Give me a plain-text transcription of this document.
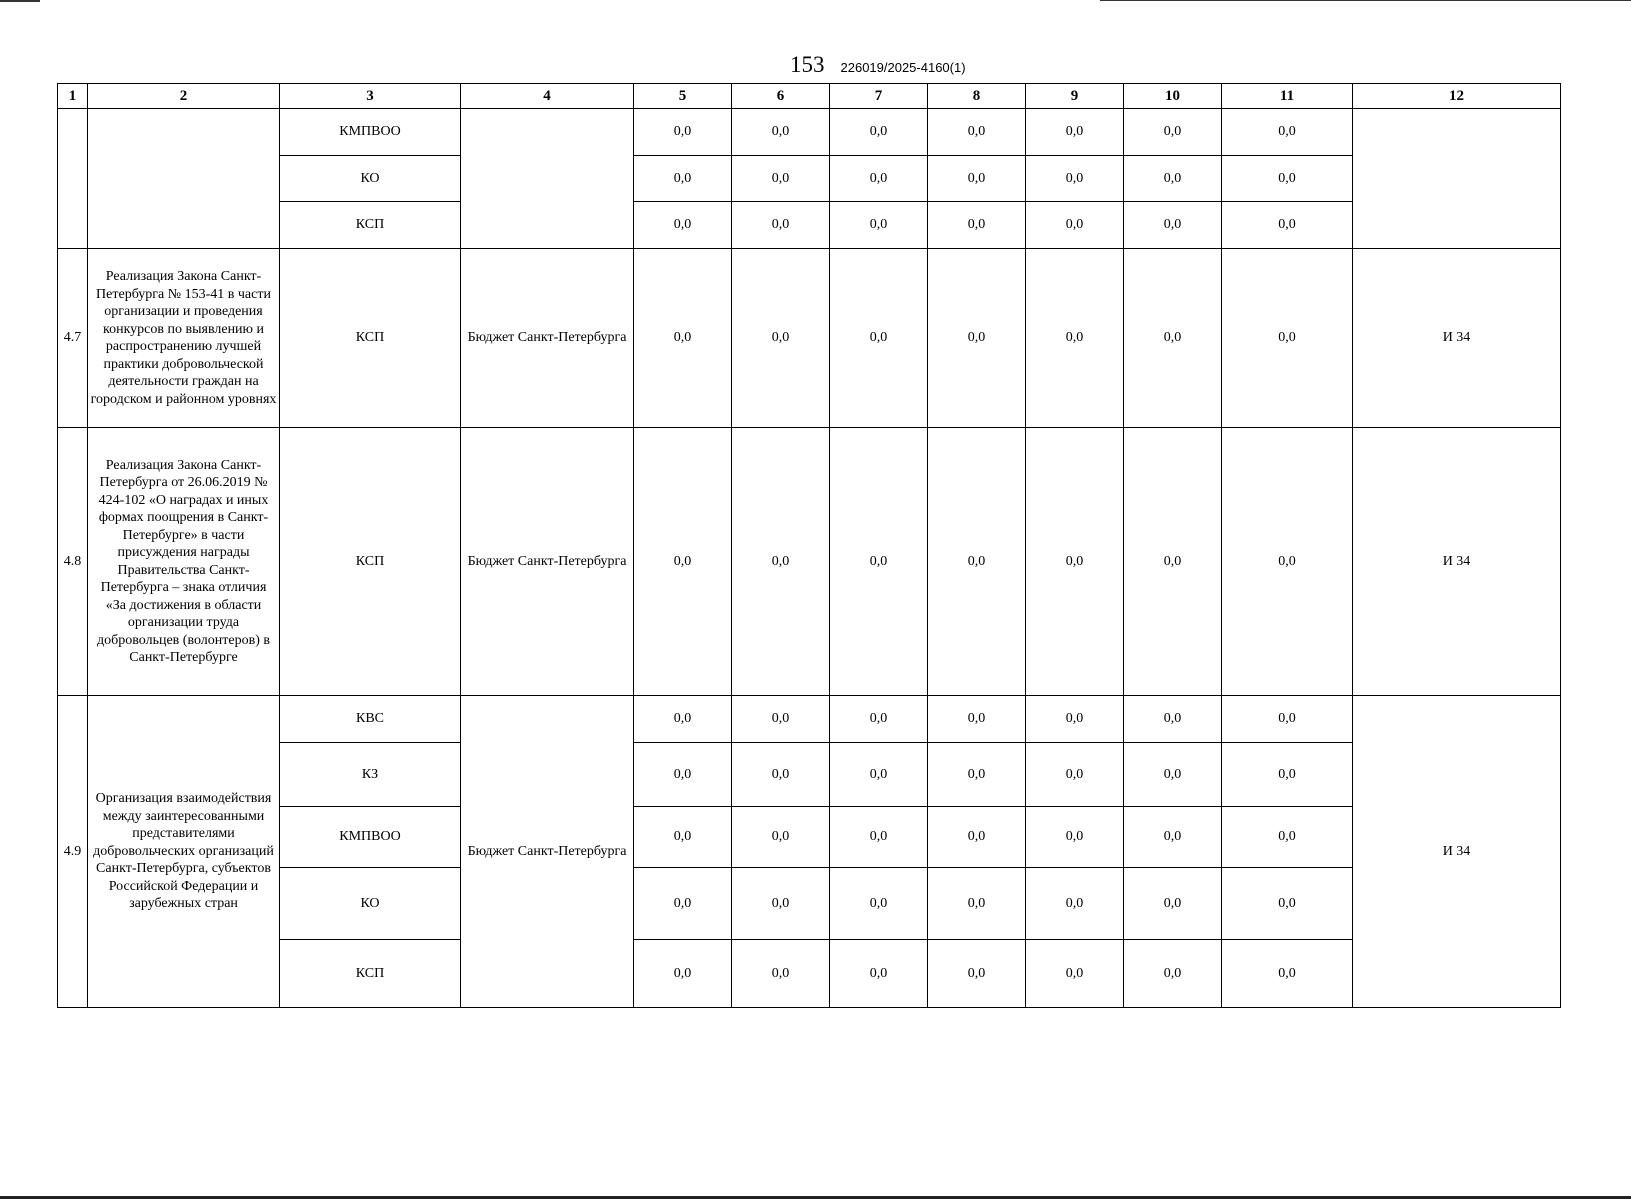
153 226019/2025-4160(1)
1	2	3	4	5	6	7	8	9	10	11	12
		КМПВОО		0,0	0,0	0,0	0,0	0,0	0,0	0,0	
		КО		0,0	0,0	0,0	0,0	0,0	0,0	0,0	
		КСП		0,0	0,0	0,0	0,0	0,0	0,0	0,0	
4.7	Реализация Закона Санкт-Петербурга № 153-41 в части организации и проведения конкурсов по выявлению и распространению лучшей практики добровольческой деятельности граждан на городском и районном уровнях	КСП	Бюджет Санкт-Петербурга	0,0	0,0	0,0	0,0	0,0	0,0	0,0	И 34
4.8	Реализация Закона Санкт-Петербурга от 26.06.2019 № 424-102 «О наградах и иных формах поощрения в Санкт-Петербурге» в части присуждения награды Правительства Санкт-Петербурга – знака отличия «За достижения в области организации труда добровольцев (волонтеров) в Санкт-Петербурге	КСП	Бюджет Санкт-Петербурга	0,0	0,0	0,0	0,0	0,0	0,0	0,0	И 34
4.9	Организация взаимодействия между заинтересованными представителями добровольческих организаций Санкт-Петербурга, субъектов Российской Федерации и зарубежных стран	КВС	Бюджет Санкт-Петербурга	0,0	0,0	0,0	0,0	0,0	0,0	0,0	И 34
		КЗ		0,0	0,0	0,0	0,0	0,0	0,0	0,0	
		КМПВОО		0,0	0,0	0,0	0,0	0,0	0,0	0,0	
		КО		0,0	0,0	0,0	0,0	0,0	0,0	0,0	
		КСП		0,0	0,0	0,0	0,0	0,0	0,0	0,0	
